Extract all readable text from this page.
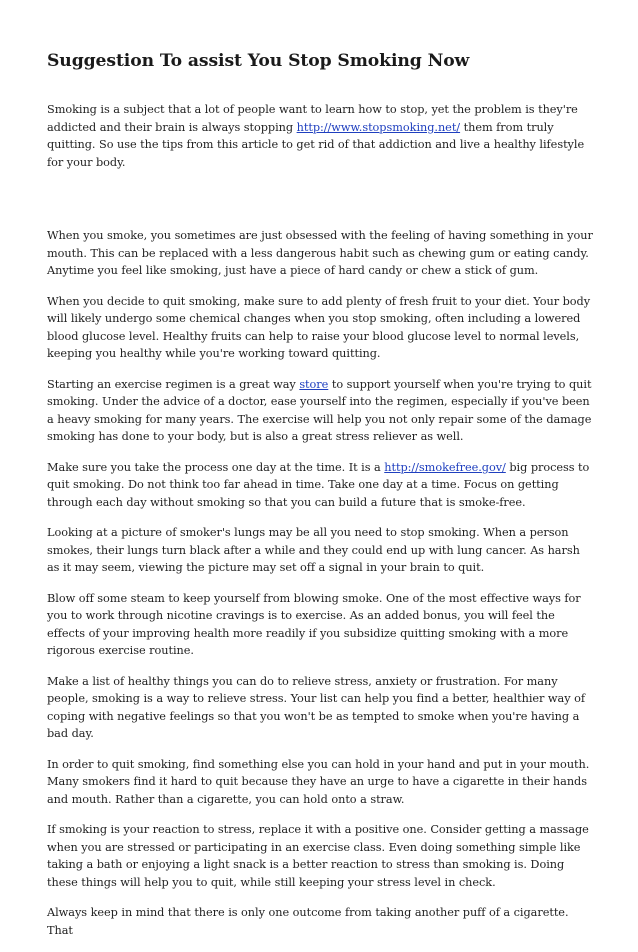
Suggestion To assist You Stop Smoking Now

Smoking is a subject that a lot of people want to learn how to stop, yet the problem is they're addicted and their brain is always stopping http://www.stopsmoking.net/ them from truly quitting. So use the tips from this article to get rid of that addiction and live a healthy lifestyle for your body.

When you smoke, you sometimes are just obsessed with the feeling of having something in your mouth. This can be replaced with a less dangerous habit such as chewing gum or eating candy. Anytime you feel like smoking, just have a piece of hard candy or chew a stick of gum.

When you decide to quit smoking, make sure to add plenty of fresh fruit to your diet. Your body will likely undergo some chemical changes when you stop smoking, often including a lowered blood glucose level. Healthy fruits can help to raise your blood glucose level to normal levels, keeping you healthy while you're working toward quitting.

Starting an exercise regimen is a great way store to support yourself when you're trying to quit smoking. Under the advice of a doctor, ease yourself into the regimen, especially if you've been a heavy smoking for many years. The exercise will help you not only repair some of the damage smoking has done to your body, but is also a great stress reliever as well.

Make sure you take the process one day at the time. It is a http://smokefree.gov/ big process to quit smoking. Do not think too far ahead in time. Take one day at a time. Focus on getting through each day without smoking so that you can build a future that is smoke-free.

Looking at a picture of smoker's lungs may be all you need to stop smoking. When a person smokes, their lungs turn black after a while and they could end up with lung cancer. As harsh as it may seem, viewing the picture may set off a signal in your brain to quit.

Blow off some steam to keep yourself from blowing smoke. One of the most effective ways for you to work through nicotine cravings is to exercise. As an added bonus, you will feel the effects of your improving health more readily if you subsidize quitting smoking with a more rigorous exercise routine.

Make a list of healthy things you can do to relieve stress, anxiety or frustration. For many people, smoking is a way to relieve stress. Your list can help you find a better, healthier way of coping with negative feelings so that you won't be as tempted to smoke when you're having a bad day.

In order to quit smoking, find something else you can hold in your hand and put in your mouth. Many smokers find it hard to quit because they have an urge to have a cigarette in their hands and mouth. Rather than a cigarette, you can hold onto a straw.

If smoking is your reaction to stress, replace it with a positive one. Consider getting a massage when you are stressed or participating in an exercise class. Even doing something simple like taking a bath or enjoying a light snack is a better reaction to stress than smoking is. Doing these things will help you to quit, while still keeping your stress level in check.

Always keep in mind that there is only one outcome from taking another puff of a cigarette. That
